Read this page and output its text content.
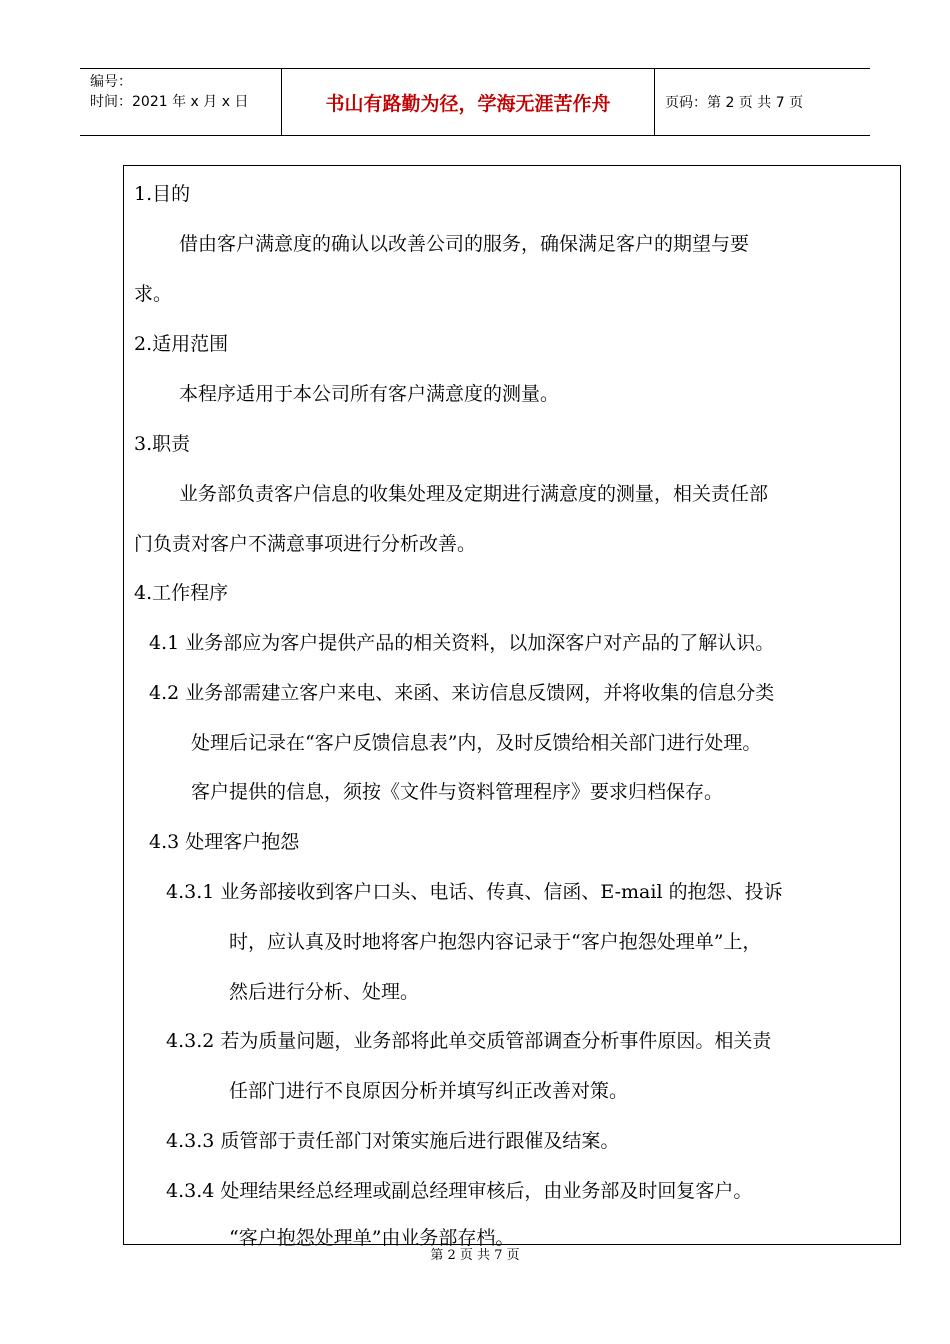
编号：
时间：2021 年 x 月 x 日	书山有路勤为径，学海无涯苦作舟	页码：第 2 页 共 7 页
1.目的
借由客户满意度的确认以改善公司的服务，确保满足客户的期望与要
求。
2.适用范围
本程序适用于本公司所有客户满意度的测量。
3.职责
业务部负责客户信息的收集处理及定期进行满意度的测量，相关责任部
门负责对客户不满意事项进行分析改善。
4.工作程序
4.1 业务部应为客户提供产品的相关资料，以加深客户对产品的了解认识。
4.2 业务部需建立客户来电、来函、来访信息反馈网，并将收集的信息分类
处理后记录在“客户反馈信息表”内，及时反馈给相关部门进行处理。
客户提供的信息，须按《文件与资料管理程序》要求归档保存。
4.3 处理客户抱怨
4.3.1 业务部接收到客户口头、电话、传真、信函、E-mail 的抱怨、投诉
时，应认真及时地将客户抱怨内容记录于“客户抱怨处理单”上，
然后进行分析、处理。
4.3.2 若为质量问题，业务部将此单交质管部调查分析事件原因。相关责
任部门进行不良原因分析并填写纠正改善对策。
4.3.3 质管部于责任部门对策实施后进行跟催及结案。
4.3.4 处理结果经总经理或副总经理审核后，由业务部及时回复客户。
“客户抱怨处理单”由业务部存档。
第 2 页 共 7 页
